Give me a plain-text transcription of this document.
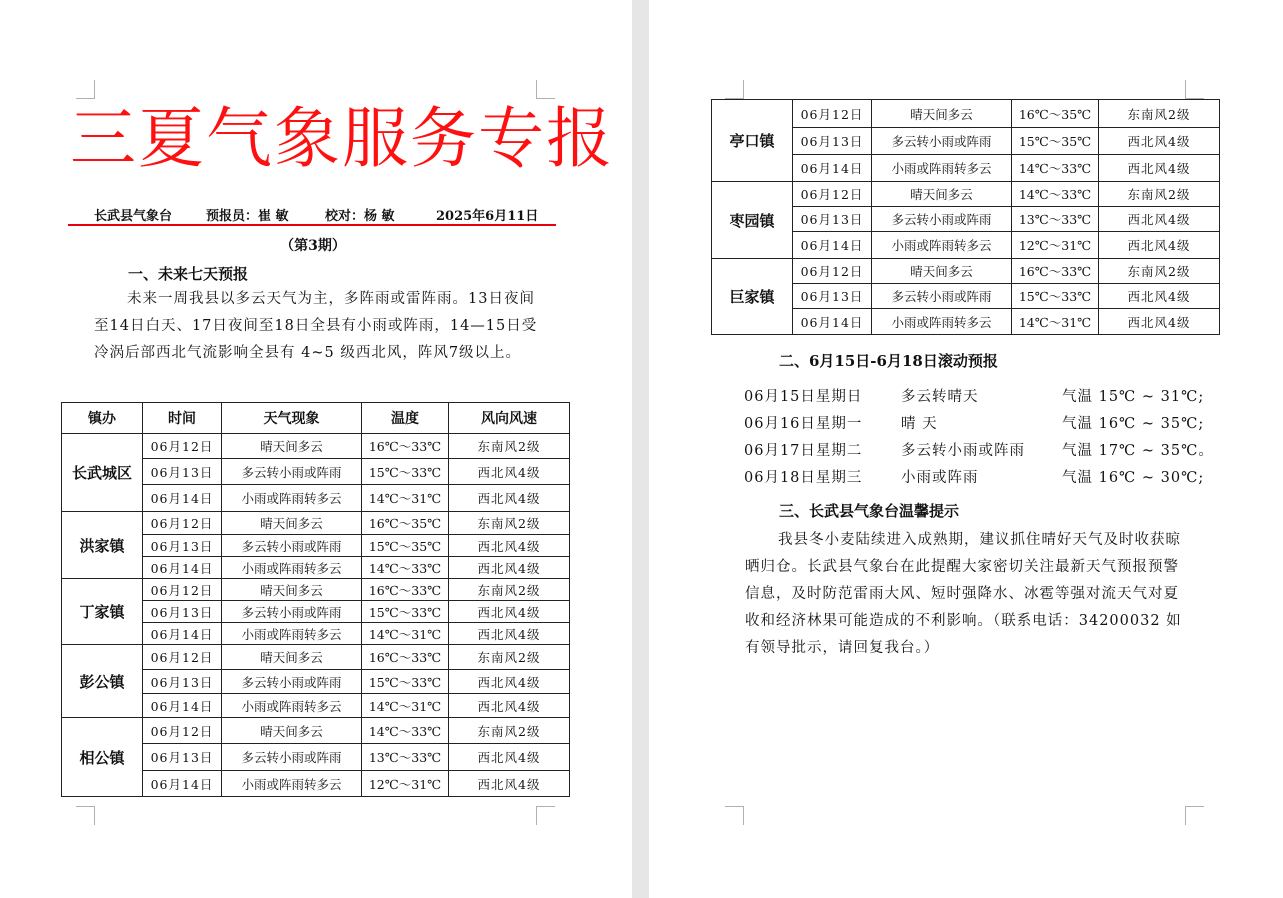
三夏气象服务专报
长武县气象台	预报员：崔 敏	校对：杨 敏	2025年6月11日
（第3期）
一、未来七天预报
未来一周我县以多云天气为主，多阵雨或雷阵雨。13日夜间至14日白天、17日夜间至18日全县有小雨或阵雨，14—15日受冷涡后部西北气流影响全县有 4~5 级西北风，阵风7级以上。
镇办	时间	天气现象	温度	风向风速
长武城区	06月12日	晴天间多云	16℃～33℃	东南风2级
	06月13日	多云转小雨或阵雨	15℃～33℃	西北风4级
	06月14日	小雨或阵雨转多云	14℃～31℃	西北风4级
洪家镇	06月12日	晴天间多云	16℃～35℃	东南风2级
	06月13日	多云转小雨或阵雨	15℃～35℃	西北风4级
	06月14日	小雨或阵雨转多云	14℃～33℃	西北风4级
丁家镇	06月12日	晴天间多云	16℃～33℃	东南风2级
	06月13日	多云转小雨或阵雨	15℃～33℃	西北风4级
	06月14日	小雨或阵雨转多云	14℃～31℃	西北风4级
彭公镇	06月12日	晴天间多云	16℃～33℃	东南风2级
	06月13日	多云转小雨或阵雨	15℃～33℃	西北风4级
	06月14日	小雨或阵雨转多云	14℃～31℃	西北风4级
相公镇	06月12日	晴天间多云	14℃～33℃	东南风2级
	06月13日	多云转小雨或阵雨	13℃～33℃	西北风4级
	06月14日	小雨或阵雨转多云	12℃～31℃	西北风4级
亭口镇	06月12日	晴天间多云	16℃～35℃	东南风2级
	06月13日	多云转小雨或阵雨	15℃～35℃	西北风4级
	06月14日	小雨或阵雨转多云	14℃～33℃	西北风4级
枣园镇	06月12日	晴天间多云	14℃～33℃	东南风2级
	06月13日	多云转小雨或阵雨	13℃～33℃	西北风4级
	06月14日	小雨或阵雨转多云	12℃～31℃	西北风4级
巨家镇	06月12日	晴天间多云	16℃～33℃	东南风2级
	06月13日	多云转小雨或阵雨	15℃～33℃	西北风4级
	06月14日	小雨或阵雨转多云	14℃～31℃	西北风4级
二、6月15日-6月18日滚动预报
06月15日星期日	多云转晴天	气温 15℃ ~ 31℃;
06月16日星期一	晴 天	气温 16℃ ~ 35℃;
06月17日星期二	多云转小雨或阵雨	气温 17℃ ~ 35℃。
06月18日星期三	小雨或阵雨	气温 16℃ ~ 30℃;
三、长武县气象台温馨提示
我县冬小麦陆续进入成熟期，建议抓住晴好天气及时收获晾晒归仓。长武县气象台在此提醒大家密切关注最新天气预报预警信息，及时防范雷雨大风、短时强降水、冰雹等强对流天气对夏收和经济林果可能造成的不利影响。（联系电话：34200032 如有领导批示，请回复我台。）
